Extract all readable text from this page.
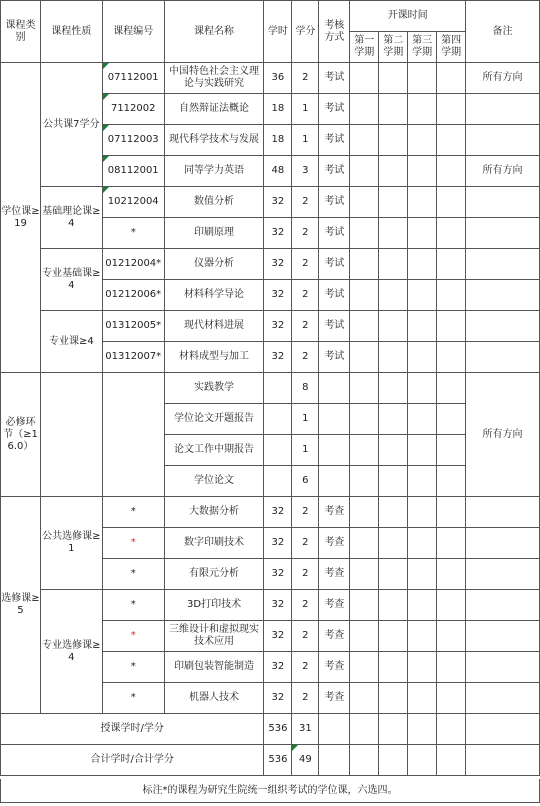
课程类别	课程性质	课程编号	课程名称	学时	学分	考核方式	开课时间				备注
							第一学期	第二学期	第三学期	第四学期	
学位课≥19	公共课7学分	07112001	中国特色社会主义理论与实践研究	36	2	考试					所有方向
		7112002	自然辩证法概论	18	1	考试					
		07112003	现代科学技术与发展	18	1	考试					
		08112001	同等学力英语	48	3	考试					所有方向
	基础理论课≥4	10212004	数值分析	32	2	考试					
		*	印刷原理	32	2	考试					
	专业基础课≥4	01212004*	仪器分析	32	2	考试					
		01212006*	材料科学导论	32	2	考试					
	专业课≥4	01312005*	现代材料进展	32	2	考试					
		01312007*	材料成型与加工	32	2	考试					
必修环节（≥16.0）			实践教学		8						所有方向
			学位论文开题报告		1						
			论文工作中期报告		1						
			学位论文		6						
选修课≥5	公共选修课≥1	*	大数据分析	32	2	考查					
		*	数字印刷技术	32	2	考查					
		*	有限元分析	32	2	考查					
	专业选修课≥4	*	3D打印技术	32	2	考查					
		*	三维设计和虚拟现实技术应用	32	2	考查					
		*	印刷包装智能制造	32	2	考查					
		*	机器人技术	32	2	考查					
授课学时/学分				536	31						
合计学时/合计学分				536	49						
标注*的课程为研究生院统一组织考试的学位课，六选四。
